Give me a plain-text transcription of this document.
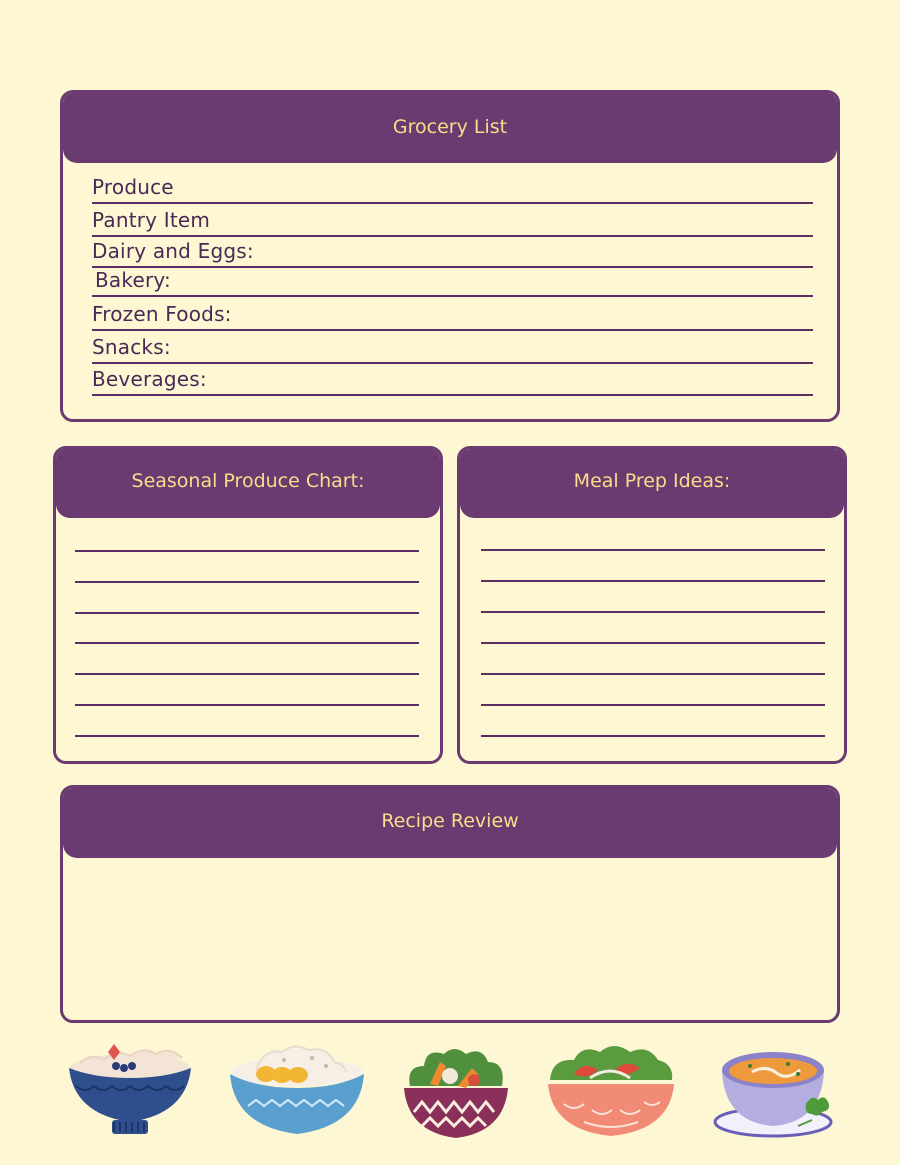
Grocery List
Produce
Pantry Item
Dairy and Eggs:
Bakery:
Frozen Foods:
Snacks:
Beverages:
Seasonal Produce Chart:	Meal Prep Ideas:
Recipe Review
